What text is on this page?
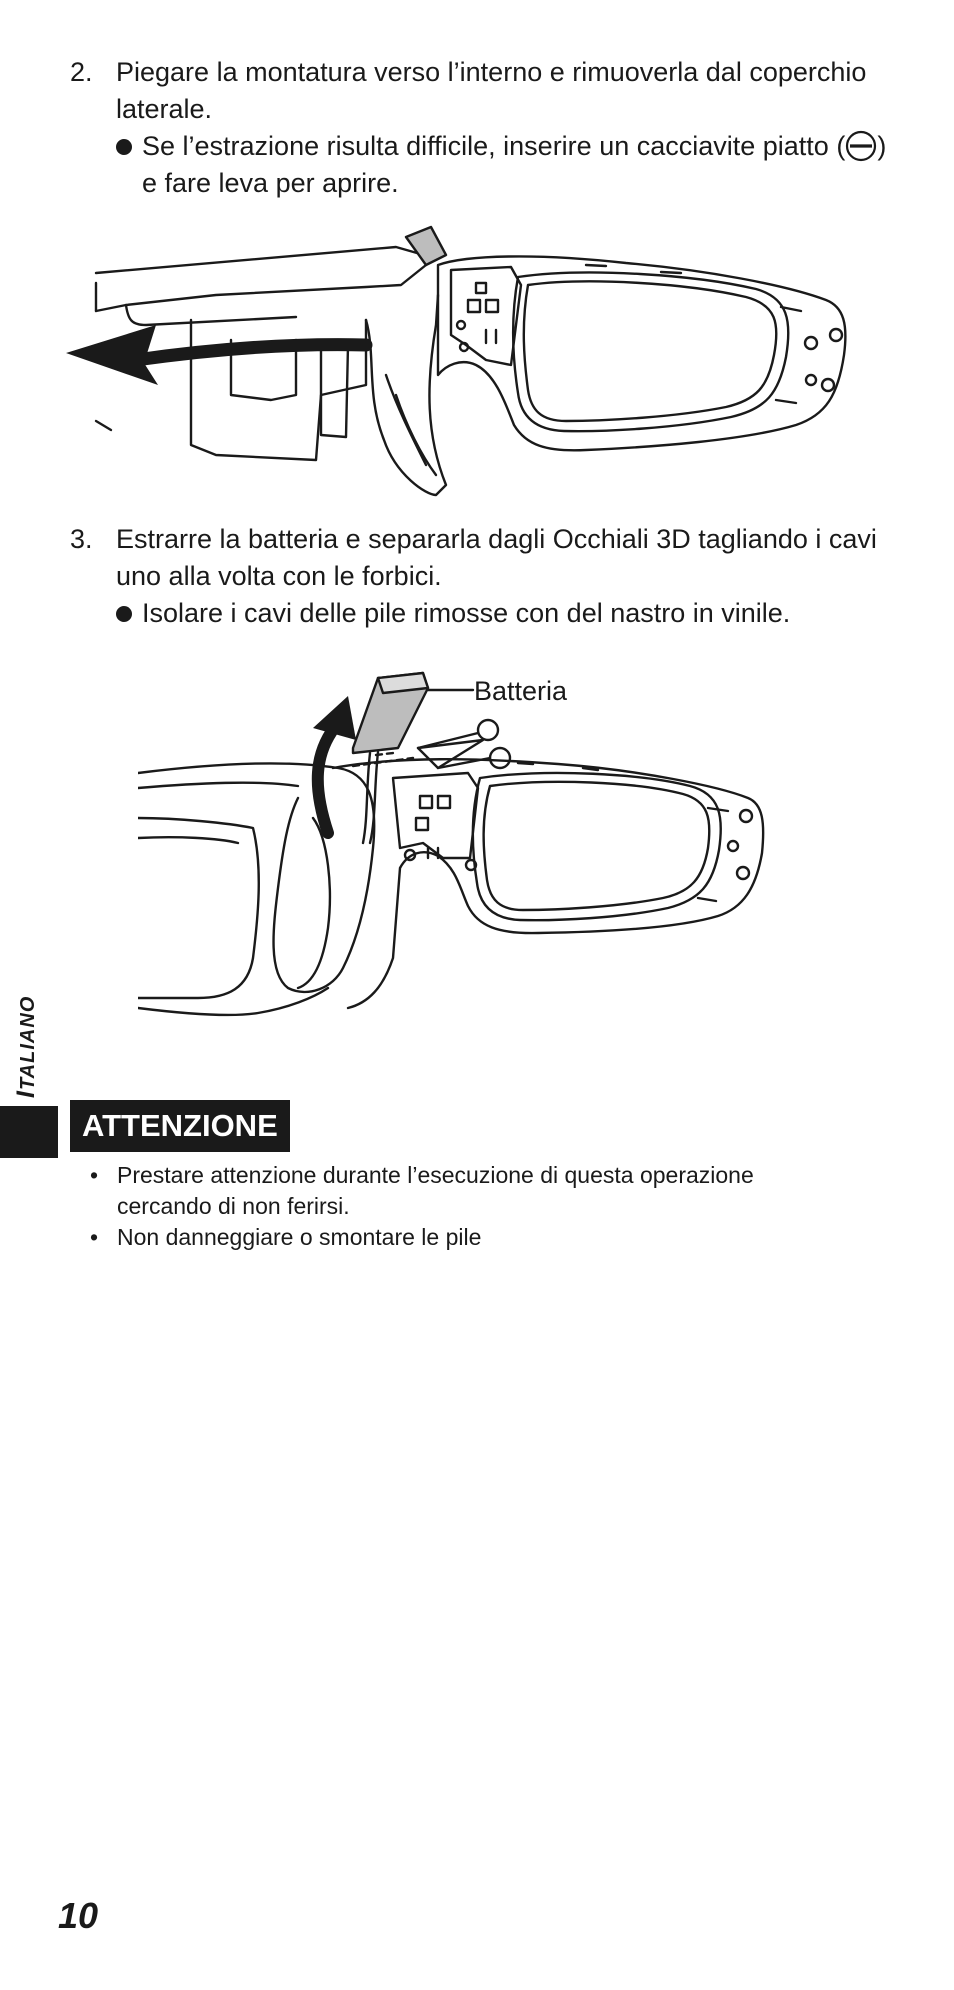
2. Piegare la montatura verso l’interno e rimuoverla dal coperchio laterale.
Se l’estrazione risulta difficile, inserire un cacciavite piatto ( ) e fare leva per aprire.
3. Estrarre la batteria e separarla dagli Occhiali 3D tagliando i cavi uno alla volta con le forbici.
Isolare i cavi delle pile rimosse con del nastro in vinile.
Batteria
ITALIANO
ATTENZIONE
• Prestare attenzione durante l’esecuzione di questa operazione cercando di non ferirsi.
• Non danneggiare o smontare le pile
10
